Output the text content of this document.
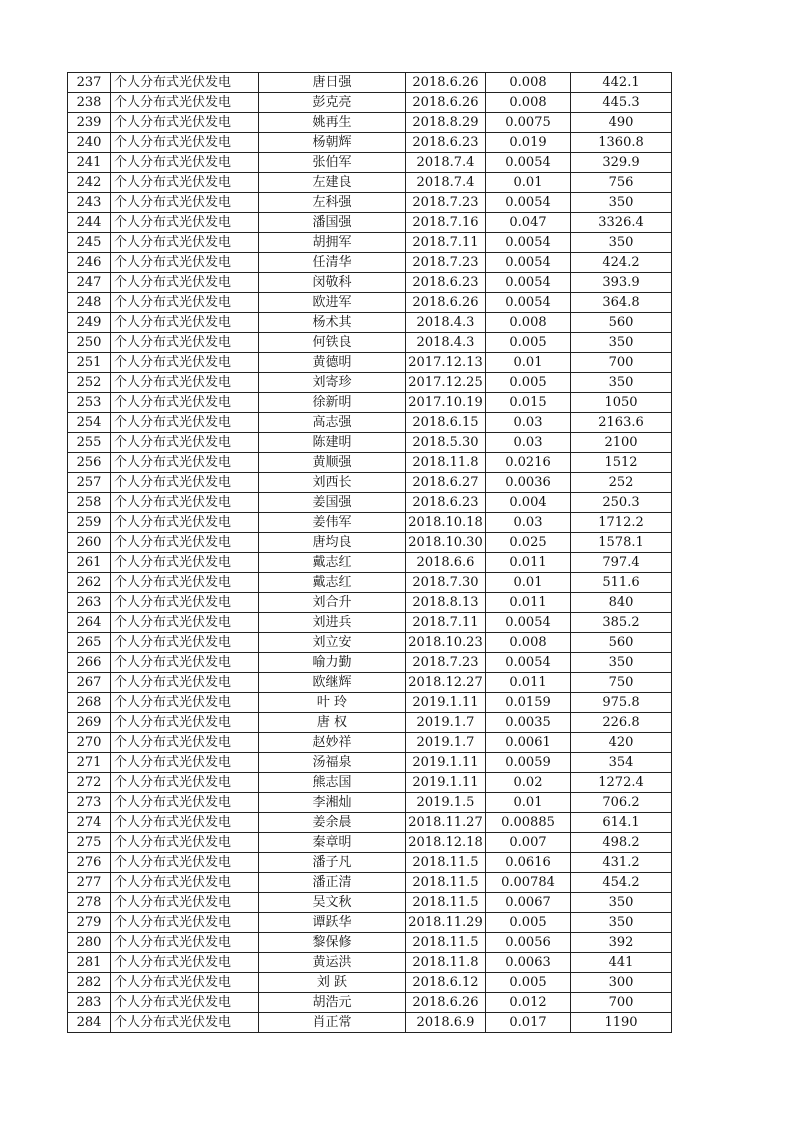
237	个人分布式光伏发电	唐日强	2018.6.26	0.008	442.1
238	个人分布式光伏发电	彭克亮	2018.6.26	0.008	445.3
239	个人分布式光伏发电	姚再生	2018.8.29	0.0075	490
240	个人分布式光伏发电	杨朝辉	2018.6.23	0.019	1360.8
241	个人分布式光伏发电	张伯军	2018.7.4	0.0054	329.9
242	个人分布式光伏发电	左建良	2018.7.4	0.01	756
243	个人分布式光伏发电	左科强	2018.7.23	0.0054	350
244	个人分布式光伏发电	潘国强	2018.7.16	0.047	3326.4
245	个人分布式光伏发电	胡拥军	2018.7.11	0.0054	350
246	个人分布式光伏发电	任清华	2018.7.23	0.0054	424.2
247	个人分布式光伏发电	闵敬科	2018.6.23	0.0054	393.9
248	个人分布式光伏发电	欧进军	2018.6.26	0.0054	364.8
249	个人分布式光伏发电	杨术其	2018.4.3	0.008	560
250	个人分布式光伏发电	何铁良	2018.4.3	0.005	350
251	个人分布式光伏发电	黄德明	2017.12.13	0.01	700
252	个人分布式光伏发电	刘寄珍	2017.12.25	0.005	350
253	个人分布式光伏发电	徐新明	2017.10.19	0.015	1050
254	个人分布式光伏发电	高志强	2018.6.15	0.03	2163.6
255	个人分布式光伏发电	陈建明	2018.5.30	0.03	2100
256	个人分布式光伏发电	黄顺强	2018.11.8	0.0216	1512
257	个人分布式光伏发电	刘西长	2018.6.27	0.0036	252
258	个人分布式光伏发电	姜国强	2018.6.23	0.004	250.3
259	个人分布式光伏发电	姜伟军	2018.10.18	0.03	1712.2
260	个人分布式光伏发电	唐均良	2018.10.30	0.025	1578.1
261	个人分布式光伏发电	戴志红	2018.6.6	0.011	797.4
262	个人分布式光伏发电	戴志红	2018.7.30	0.01	511.6
263	个人分布式光伏发电	刘合升	2018.8.13	0.011	840
264	个人分布式光伏发电	刘进兵	2018.7.11	0.0054	385.2
265	个人分布式光伏发电	刘立安	2018.10.23	0.008	560
266	个人分布式光伏发电	喻力勤	2018.7.23	0.0054	350
267	个人分布式光伏发电	欧继辉	2018.12.27	0.011	750
268	个人分布式光伏发电	叶 玲	2019.1.11	0.0159	975.8
269	个人分布式光伏发电	唐 权	2019.1.7	0.0035	226.8
270	个人分布式光伏发电	赵妙祥	2019.1.7	0.0061	420
271	个人分布式光伏发电	汤福泉	2019.1.11	0.0059	354
272	个人分布式光伏发电	熊志国	2019.1.11	0.02	1272.4
273	个人分布式光伏发电	李湘灿	2019.1.5	0.01	706.2
274	个人分布式光伏发电	姜余晨	2018.11.27	0.00885	614.1
275	个人分布式光伏发电	秦章明	2018.12.18	0.007	498.2
276	个人分布式光伏发电	潘子凡	2018.11.5	0.0616	431.2
277	个人分布式光伏发电	潘正清	2018.11.5	0.00784	454.2
278	个人分布式光伏发电	吴文秋	2018.11.5	0.0067	350
279	个人分布式光伏发电	谭跃华	2018.11.29	0.005	350
280	个人分布式光伏发电	黎保修	2018.11.5	0.0056	392
281	个人分布式光伏发电	黄运洪	2018.11.8	0.0063	441
282	个人分布式光伏发电	刘 跃	2018.6.12	0.005	300
283	个人分布式光伏发电	胡浩元	2018.6.26	0.012	700
284	个人分布式光伏发电	肖正常	2018.6.9	0.017	1190
